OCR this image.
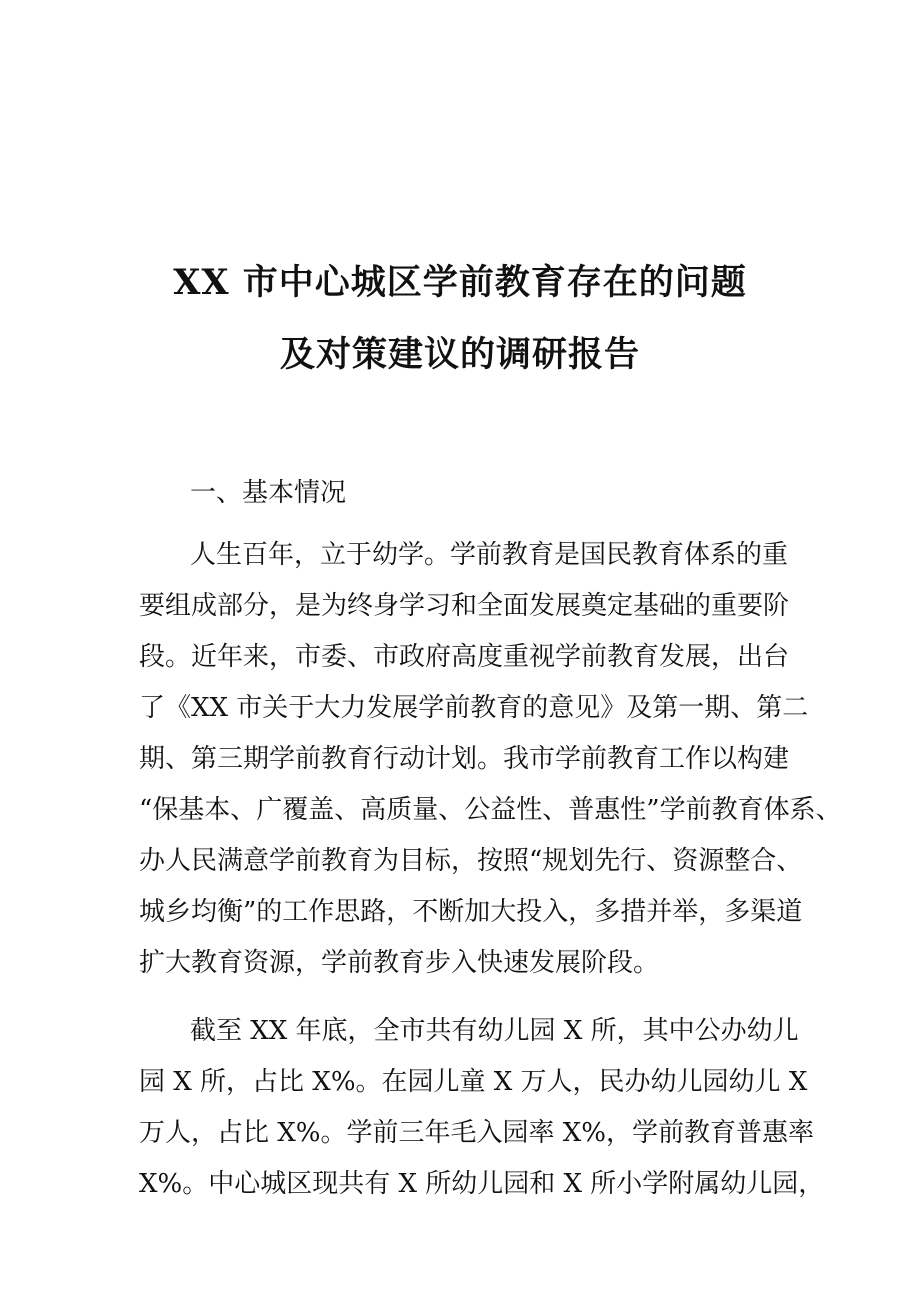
XX 市中心城区学前教育存在的问题
及对策建议的调研报告
一、基本情况
人生百年，立于幼学。学前教育是国民教育体系的重
要组成部分，是为终身学习和全面发展奠定基础的重要阶
段。近年来，市委、市政府高度重视学前教育发展，出台
了《XX 市关于大力发展学前教育的意见》及第一期、第二
期、第三期学前教育行动计划。我市学前教育工作以构建
“保基本、广覆盖、高质量、公益性、普惠性”学前教育体系、
办人民满意学前教育为目标，按照“规划先行、资源整合、
城乡均衡”的工作思路，不断加大投入，多措并举，多渠道
扩大教育资源，学前教育步入快速发展阶段。
截至 XX 年底，全市共有幼儿园 X 所，其中公办幼儿
园 X 所，占比 X%。在园儿童 X 万人，民办幼儿园幼儿 X
万人，占比 X%。学前三年毛入园率 X%，学前教育普惠率
X%。中心城区现共有 X 所幼儿园和 X 所小学附属幼儿园，
